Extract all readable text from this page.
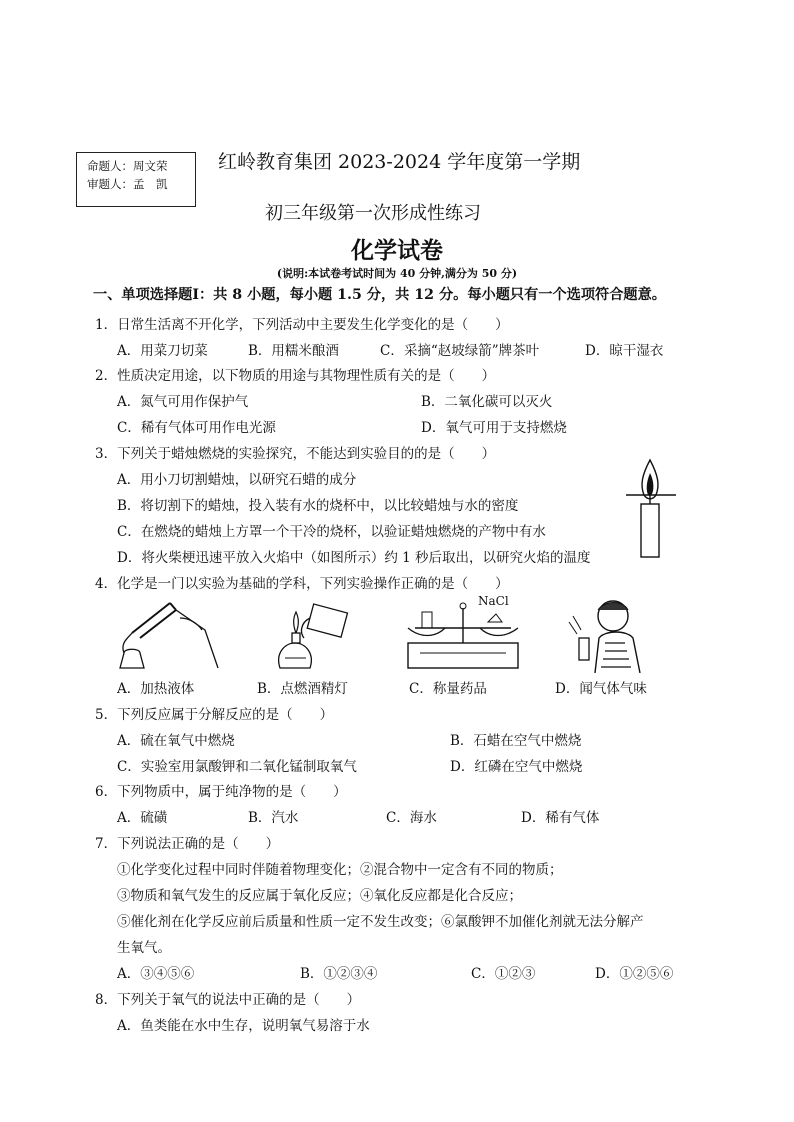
命题人：周文荣
审题人：孟　凯
红岭教育集团 2023-2024 学年度第一学期
初三年级第一次形成性练习
化学试卷
(说明:本试卷考试时间为 40 分钟,满分为 50 分)
一、单项选择题I：共 8 小题，每小题 1.5 分，共 12 分。每小题只有一个选项符合题意。
1．日常生活离不开化学，下列活动中主要发生化学变化的是（　　）
A．用菜刀切菜	B．用糯米酿酒	C．采摘“赵坡绿箭”牌茶叶	D．晾干湿衣
2．性质决定用途，以下物质的用途与其物理性质有关的是（　　）
A．氮气可用作保护气	B．二氧化碳可以灭火
C．稀有气体可用作电光源	D．氧气可用于支持燃烧
3．下列关于蜡烛燃烧的实验探究，不能达到实验目的的是（　　）
A．用小刀切割蜡烛，以研究石蜡的成分
B．将切割下的蜡烛，投入装有水的烧杯中，以比较蜡烛与水的密度
C．在燃烧的蜡烛上方罩一个干冷的烧杯，以验证蜡烛燃烧的产物中有水
D．将火柴梗迅速平放入火焰中（如图所示）约 1 秒后取出，以研究火焰的温度
4．化学是一门以实验为基础的学科，下列实验操作正确的是（　　）
NaCl
A．加热液体	B．点燃酒精灯	C．称量药品	D．闻气体气味
5．下列反应属于分解反应的是（　　）
A．硫在氧气中燃烧	B．石蜡在空气中燃烧
C．实验室用氯酸钾和二氧化锰制取氧气	D．红磷在空气中燃烧
6．下列物质中，属于纯净物的是（　　）
A．硫磺	B．汽水	C．海水	D．稀有气体
7．下列说法正确的是（　　）
①化学变化过程中同时伴随着物理变化；②混合物中一定含有不同的物质；
③物质和氧气发生的反应属于氧化反应；④氧化反应都是化合反应；
⑤催化剂在化学反应前后质量和性质一定不发生改变；⑥氯酸钾不加催化剂就无法分解产
生氧气。
A．③④⑤⑥	B．①②③④	C．①②③	D．①②⑤⑥
8．下列关于氧气的说法中正确的是（　　）
A．鱼类能在水中生存，说明氧气易溶于水
